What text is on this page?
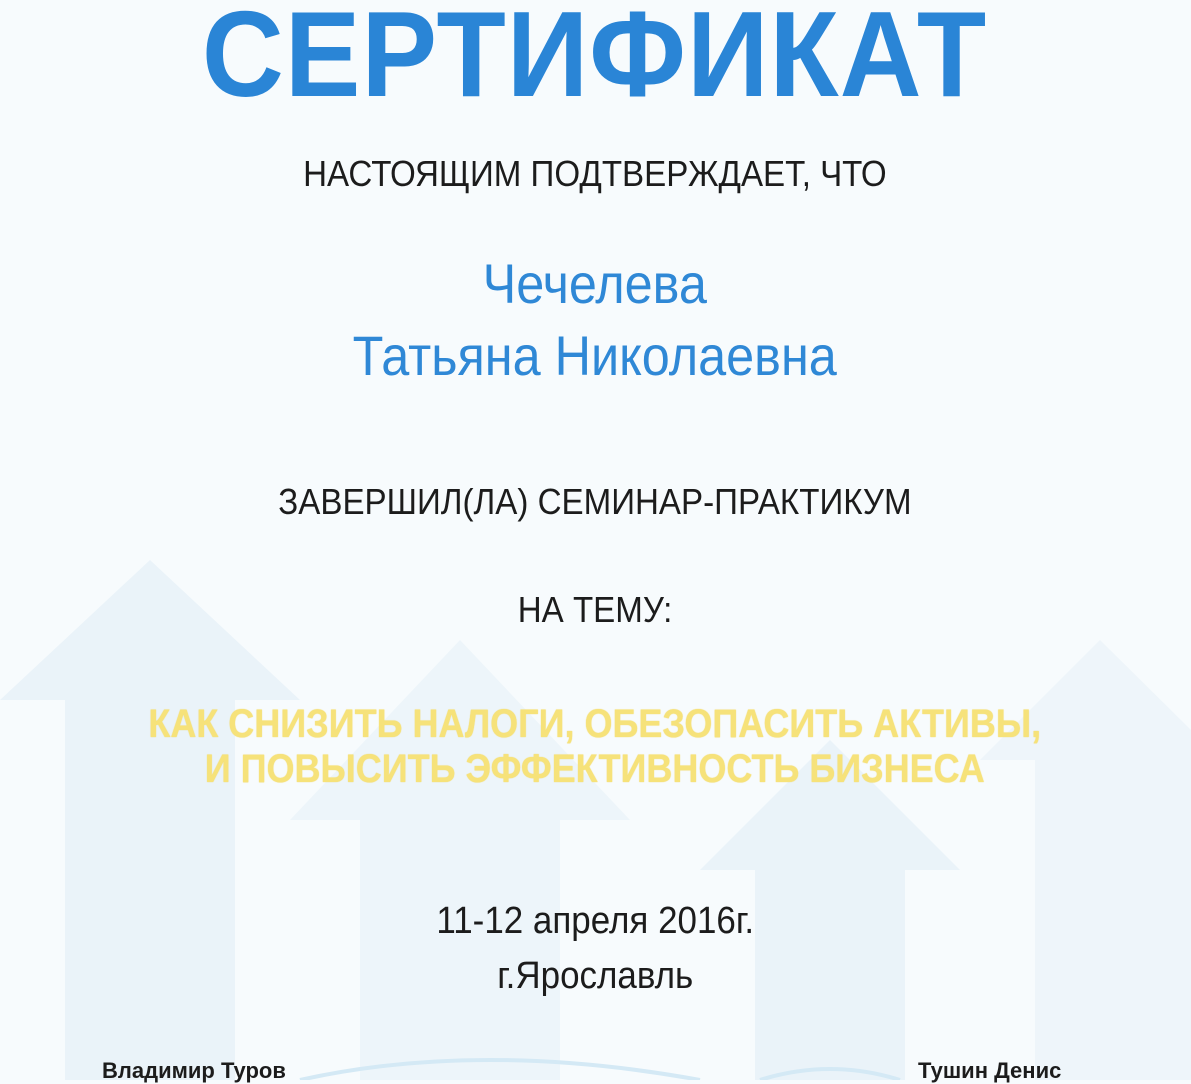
СЕРТИФИКАТ

НАСТОЯЩИМ ПОДТВЕРЖДАЕТ, ЧТО

Чечелева

Татьяна Николаевна

ЗАВЕРШИЛ(ЛА) СЕМИНАР-ПРАКТИКУМ

НА ТЕМУ:

КАК СНИЗИТЬ НАЛОГИ, ОБЕЗОПАСИТЬ АКТИВЫ,

И ПОВЫСИТЬ ЭФФЕКТИВНОСТЬ БИЗНЕСА

11-12 апреля 2016г.

г.Ярославль

Владимир Туров	Тушин Денис
